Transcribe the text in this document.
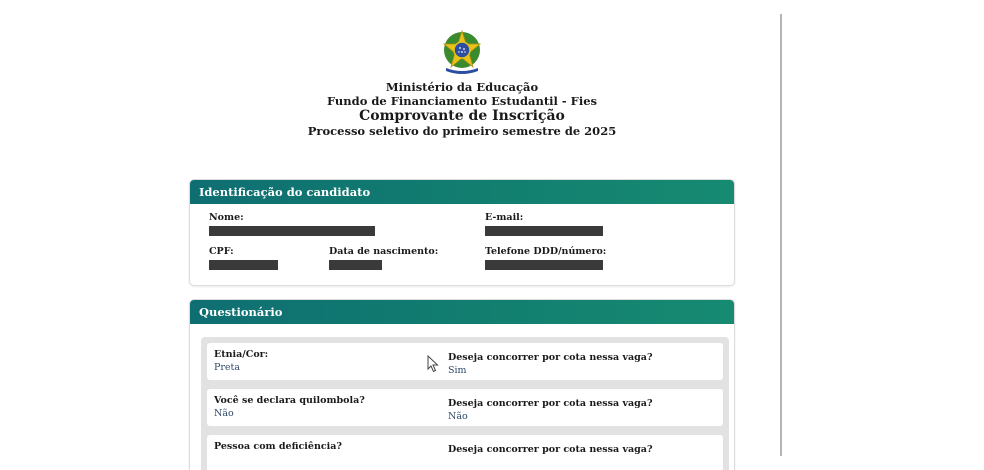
Ministério da Educação
Fundo de Financiamento Estudantil - Fies
Comprovante de Inscrição
Processo seletivo do primeiro semestre de 2025
Identificação do candidato
Nome:	E-mail:
CPF:	Data de nascimento:	Telefone DDD/número:
Questionário
Etnia/Cor:
Preta
Deseja concorrer por cota nessa vaga?
Sim
Você se declara quilombola?
Não
Deseja concorrer por cota nessa vaga?
Não
Pessoa com deficiência?	Deseja concorrer por cota nessa vaga?
